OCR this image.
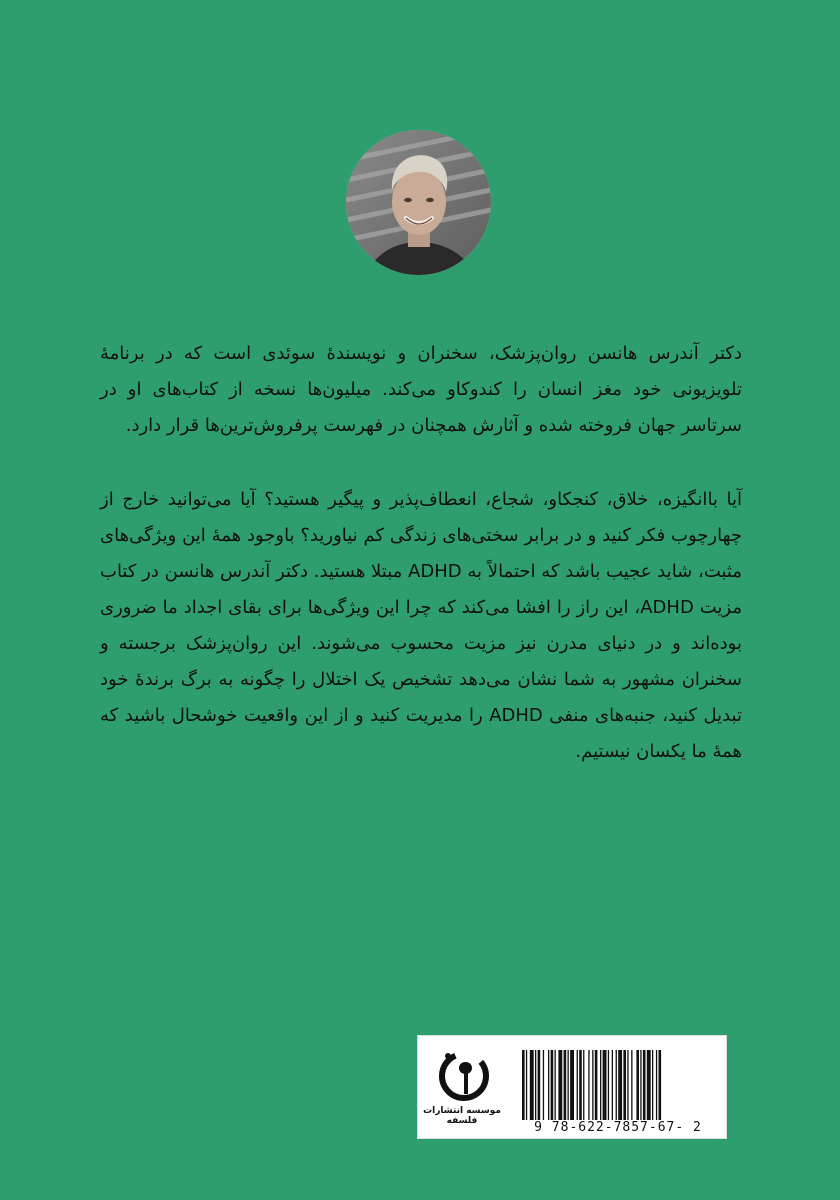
دکتر آندرس هانسن روان‌پزشک، سخنران و نویسندهٔ سوئدی است که در برنامهٔ تلویزیونی خود مغز انسان را کندوکاو می‌کند. میلیون‌ها نسخه از کتاب‌های او در سرتاسر جهان فروخته شده و آثارش همچنان در فهرست پرفروش‌ترین‌ها قرار دارد.

آیا باانگیزه، خلاق، کنجکاو، شجاع، انعطاف‌پذیر و پیگیر هستید؟ آیا می‌توانید خارج از چهارچوب فکر کنید و در برابر سختی‌های زندگی کم نیاورید؟ باوجود همهٔ این ویژگی‌های مثبت، شاید عجیب باشد که احتمالاً به ADHD مبتلا هستید. دکتر آندرس هانسن در کتاب مزیت ADHD، این راز را افشا می‌کند که چرا این ویژگی‌ها برای بقای اجداد ما ضروری بوده‌اند و در دنیای مدرن نیز مزیت محسوب می‌شوند. این روان‌پزشک برجسته و سخنران مشهور به شما نشان می‌دهد تشخیص یک اختلال را چگونه به برگ برندهٔ خود تبدیل کنید، جنبه‌های منفی ADHD را مدیریت کنید و از این واقعیت خوشحال باشید که همهٔ ما یکسان نیستیم.

موسسه انتشارات فلسفه	9 78-622-7857-67- 2
